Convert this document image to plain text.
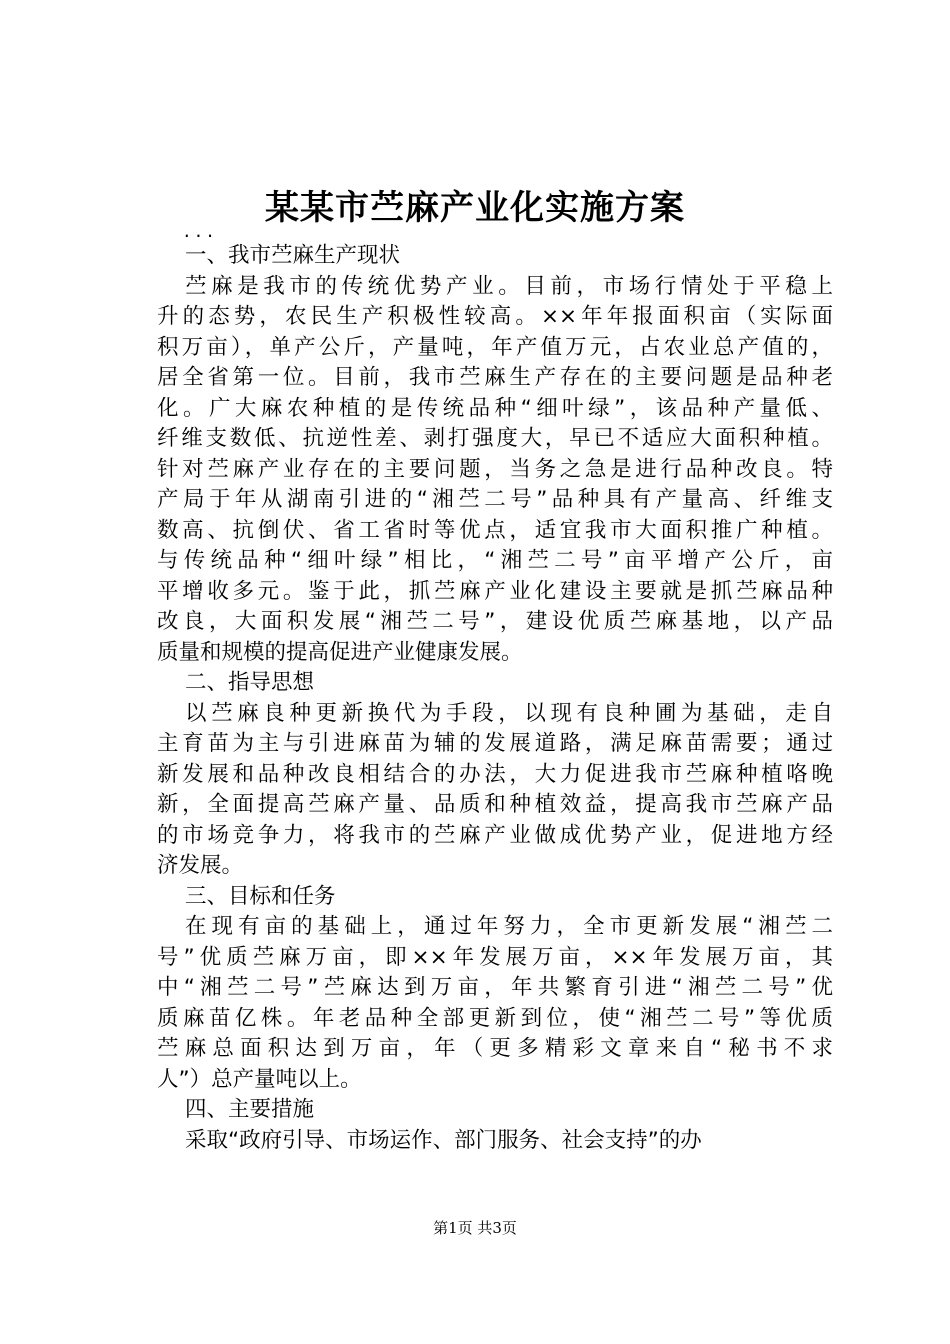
某某市苎麻产业化实施方案
...
一、我市苎麻生产现状
苎麻是我市的传统优势产业。目前，市场行情处于平稳上
升的态势，农民生产积极性较高。××年年报面积亩（实际面
积万亩），单产公斤，产量吨，年产值万元，占农业总产值的，
居全省第一位。目前，我市苎麻生产存在的主要问题是品种老
化。广大麻农种植的是传统品种“细叶绿”，该品种产量低、
纤维支数低、抗逆性差、剥打强度大，早已不适应大面积种植。
针对苎麻产业存在的主要问题，当务之急是进行品种改良。特
产局于年从湖南引进的“湘苎二号”品种具有产量高、纤维支
数高、抗倒伏、省工省时等优点，适宜我市大面积推广种植。
与传统品种“细叶绿”相比，“湘苎二号”亩平增产公斤，亩
平增收多元。鉴于此，抓苎麻产业化建设主要就是抓苎麻品种
改良，大面积发展“湘苎二号”，建设优质苎麻基地，以产品
质量和规模的提高促进产业健康发展。
二、指导思想
以苎麻良种更新换代为手段，以现有良种圃为基础，走自
主育苗为主与引进麻苗为辅的发展道路，满足麻苗需要；通过
新发展和品种改良相结合的办法，大力促进我市苎麻种植咯晚
新，全面提高苎麻产量、品质和种植效益，提高我市苎麻产品
的市场竞争力，将我市的苎麻产业做成优势产业，促进地方经
济发展。
三、目标和任务
在现有亩的基础上，通过年努力，全市更新发展“湘苎二
号”优质苎麻万亩，即××年发展万亩，××年发展万亩，其
中“湘苎二号”苎麻达到万亩，年共繁育引进“湘苎二号”优
质麻苗亿株。年老品种全部更新到位，使“湘苎二号”等优质
苎麻总面积达到万亩，年（更多精彩文章来自“秘书不求
人”）总产量吨以上。
四、主要措施
采取“政府引导、市场运作、部门服务、社会支持”的办
第1页 共3页
